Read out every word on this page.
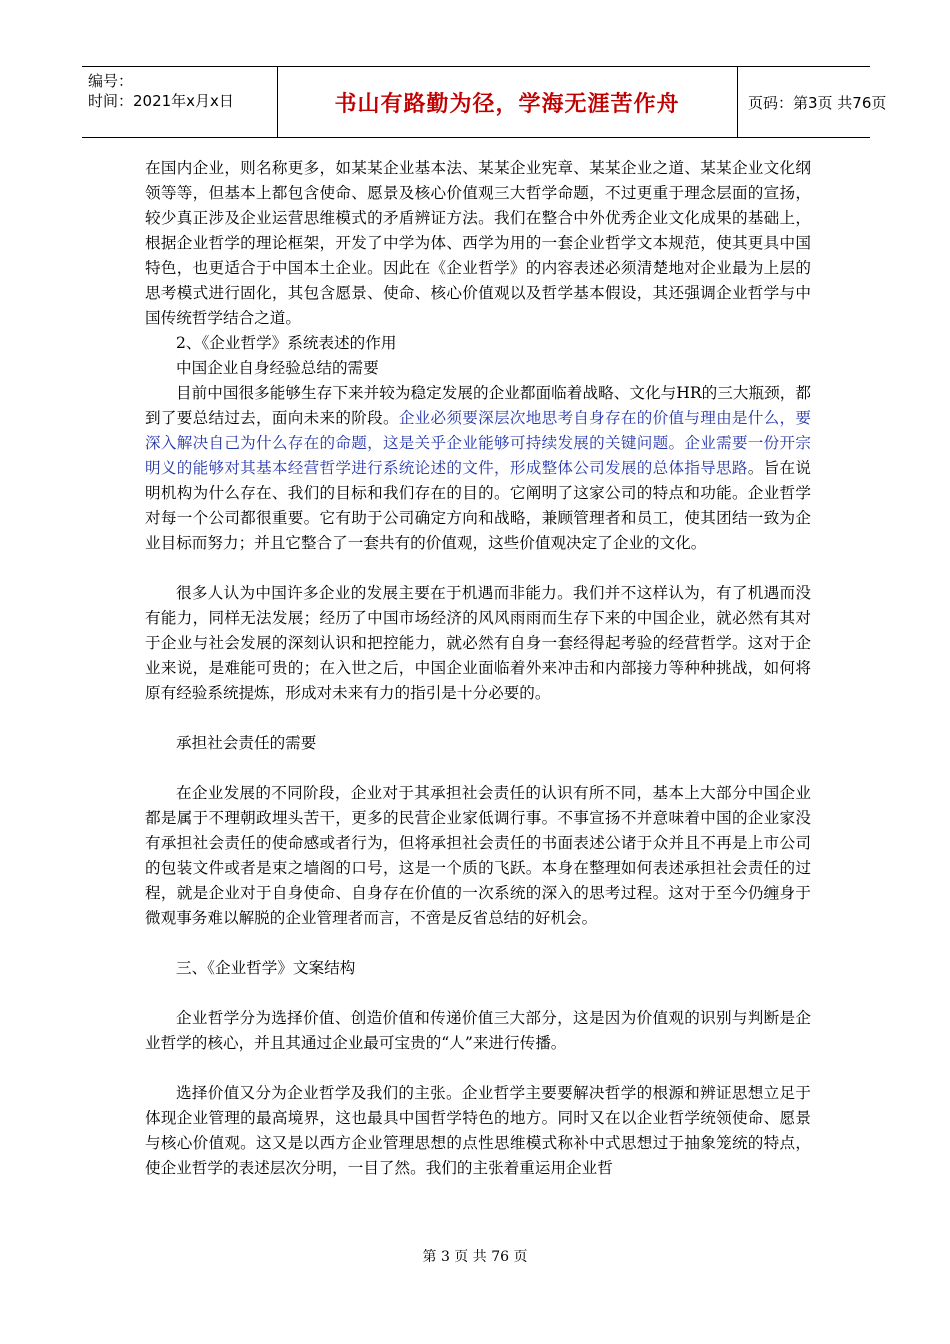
编号：
时间：2021年x月x日	书山有路勤为径，学海无涯苦作舟	页码：第3页 共76页

在国内企业，则名称更多，如某某企业基本法、某某企业宪章、某某企业之道、某某企业文化纲领等等，但基本上都包含使命、愿景及核心价值观三大哲学命题，不过更重于理念层面的宣扬，较少真正涉及企业运营思维模式的矛盾辨证方法。我们在整合中外优秀企业文化成果的基础上，根据企业哲学的理论框架，开发了中学为体、西学为用的一套企业哲学文本规范，使其更具中国特色，也更适合于中国本土企业。因此在《企业哲学》的内容表述必须清楚地对企业最为上层的思考模式进行固化，其包含愿景、使命、核心价值观以及哲学基本假设，其还强调企业哲学与中国传统哲学结合之道。

2、《企业哲学》系统表述的作用

中国企业自身经验总结的需要

目前中国很多能够生存下来并较为稳定发展的企业都面临着战略、文化与HR的三大瓶颈，都到了要总结过去，面向未来的阶段。企业必须要深层次地思考自身存在的价值与理由是什么，要深入解决自己为什么存在的命题，这是关乎企业能够可持续发展的关键问题。企业需要一份开宗明义的能够对其基本经营哲学进行系统论述的文件，形成整体公司发展的总体指导思路。旨在说明机构为什么存在、我们的目标和我们存在的目的。它阐明了这家公司的特点和功能。企业哲学对每一个公司都很重要。它有助于公司确定方向和战略，兼顾管理者和员工，使其团结一致为企业目标而努力；并且它整合了一套共有的价值观，这些价值观决定了企业的文化。

很多人认为中国许多企业的发展主要在于机遇而非能力。我们并不这样认为，有了机遇而没有能力，同样无法发展；经历了中国市场经济的风风雨雨而生存下来的中国企业，就必然有其对于企业与社会发展的深刻认识和把控能力，就必然有自身一套经得起考验的经营哲学。这对于企业来说，是难能可贵的；在入世之后，中国企业面临着外来冲击和内部接力等种种挑战，如何将原有经验系统提炼，形成对未来有力的指引是十分必要的。

承担社会责任的需要

在企业发展的不同阶段，企业对于其承担社会责任的认识有所不同，基本上大部分中国企业都是属于不理朝政埋头苦干，更多的民营企业家低调行事。不事宣扬不并意味着中国的企业家没有承担社会责任的使命感或者行为，但将承担社会责任的书面表述公诸于众并且不再是上市公司的包装文件或者是束之墙阁的口号，这是一个质的飞跃。本身在整理如何表述承担社会责任的过程，就是企业对于自身使命、自身存在价值的一次系统的深入的思考过程。这对于至今仍缠身于微观事务难以解脱的企业管理者而言，不啻是反省总结的好机会。

三、《企业哲学》文案结构

企业哲学分为选择价值、创造价值和传递价值三大部分，这是因为价值观的识别与判断是企业哲学的核心，并且其通过企业最可宝贵的“人”来进行传播。

选择价值又分为企业哲学及我们的主张。企业哲学主要要解决哲学的根源和辨证思想立足于体现企业管理的最高境界，这也最具中国哲学特色的地方。同时又在以企业哲学统领使命、愿景与核心价值观。这又是以西方企业管理思想的点性思维模式称补中式思想过于抽象笼统的特点，使企业哲学的表述层次分明，一目了然。我们的主张着重运用企业哲

第 3 页 共 76 页
